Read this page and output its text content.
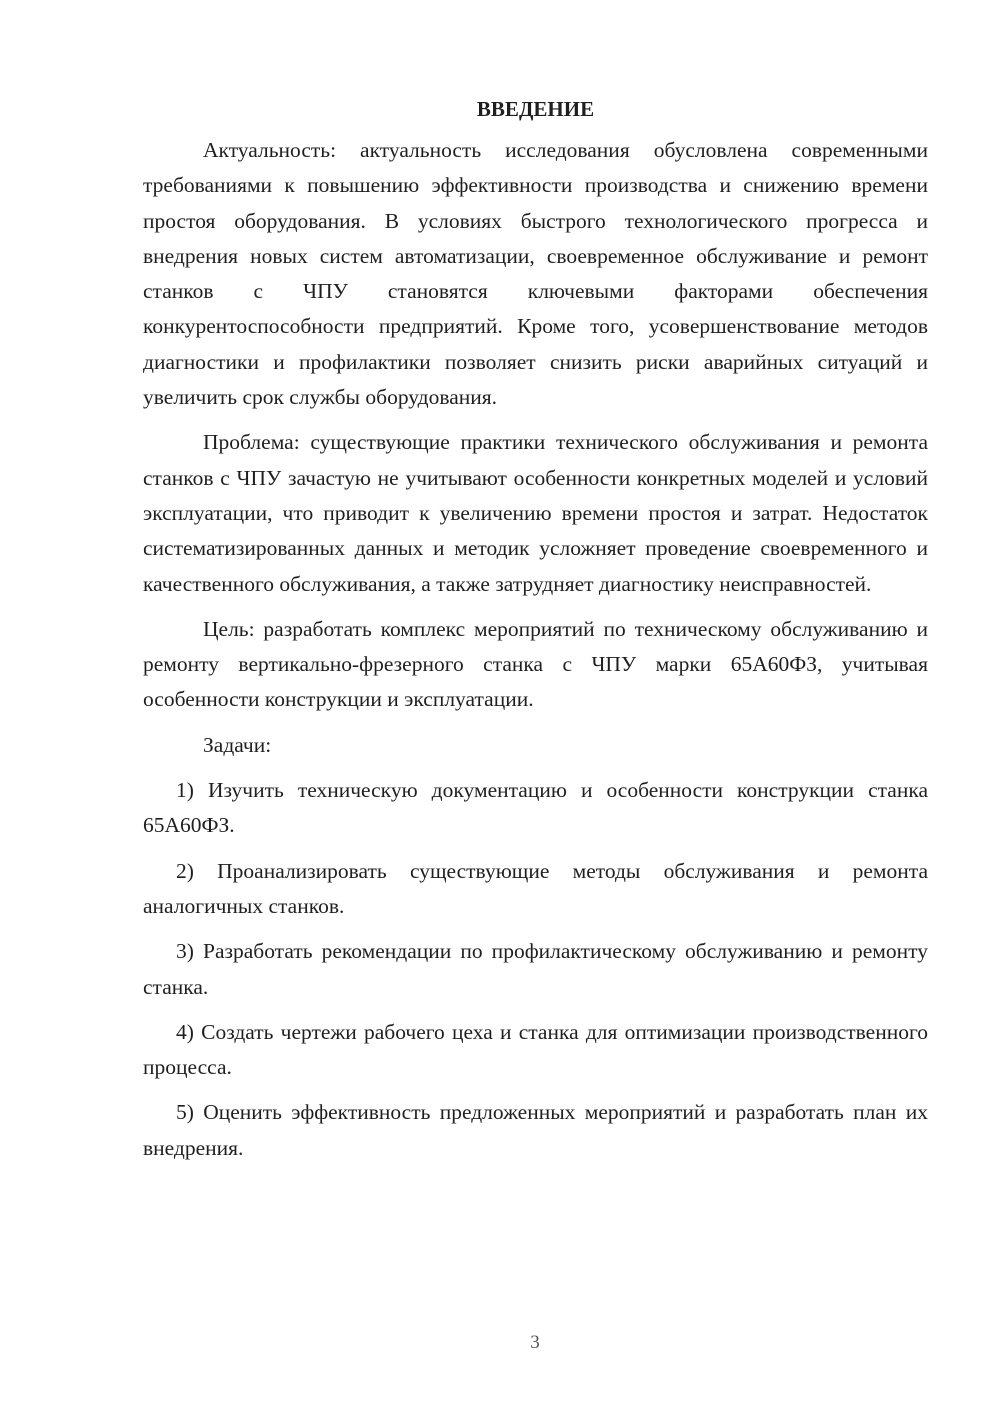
ВВЕДЕНИЕ

Актуальность: актуальность исследования обусловлена современными требованиями к повышению эффективности производства и снижению времени простоя оборудования. В условиях быстрого технологического прогресса и внедрения новых систем автоматизации, своевременное обслуживание и ремонт станков с ЧПУ становятся ключевыми факторами обеспечения конкурентоспособности предприятий. Кроме того, усовершенствование методов диагностики и профилактики позволяет снизить риски аварийных ситуаций и увеличить срок службы оборудования.

Проблема: существующие практики технического обслуживания и ремонта станков с ЧПУ зачастую не учитывают особенности конкретных моделей и условий эксплуатации, что приводит к увеличению времени простоя и затрат. Недостаток систематизированных данных и методик усложняет проведение своевременного и качественного обслуживания, а также затрудняет диагностику неисправностей.

Цель: разработать комплекс мероприятий по техническому обслуживанию и ремонту вертикально-фрезерного станка с ЧПУ марки 65А60ФЗ, учитывая особенности конструкции и эксплуатации.

Задачи:

1) Изучить техническую документацию и особенности конструкции станка 65А60ФЗ.

2) Проанализировать существующие методы обслуживания и ремонта аналогичных станков.

3) Разработать рекомендации по профилактическому обслуживанию и ремонту станка.

4) Создать чертежи рабочего цеха и станка для оптимизации производственного процесса.

5) Оценить эффективность предложенных мероприятий и разработать план их внедрения.

3
